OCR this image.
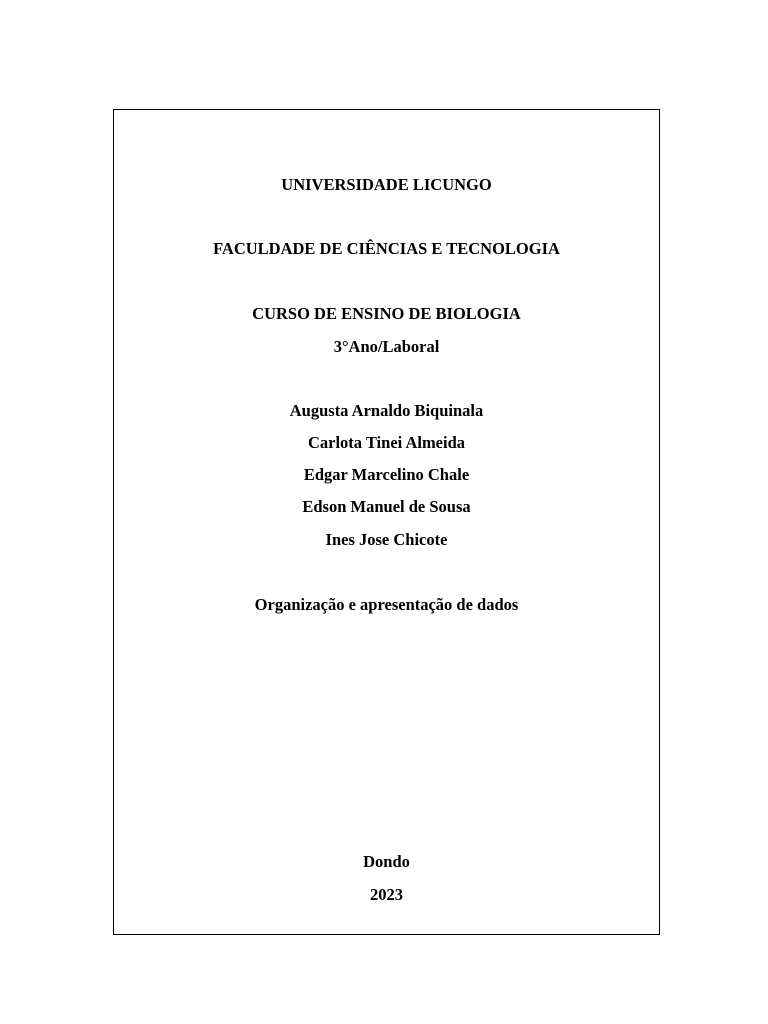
UNIVERSIDADE LICUNGO
FACULDADE DE CIÊNCIAS E TECNOLOGIA
CURSO DE ENSINO DE BIOLOGIA
3°Ano/Laboral
Augusta Arnaldo Biquinala
Carlota Tinei Almeida
Edgar Marcelino Chale
Edson Manuel de Sousa
Ines Jose Chicote
Organização e apresentação de dados
Dondo
2023
